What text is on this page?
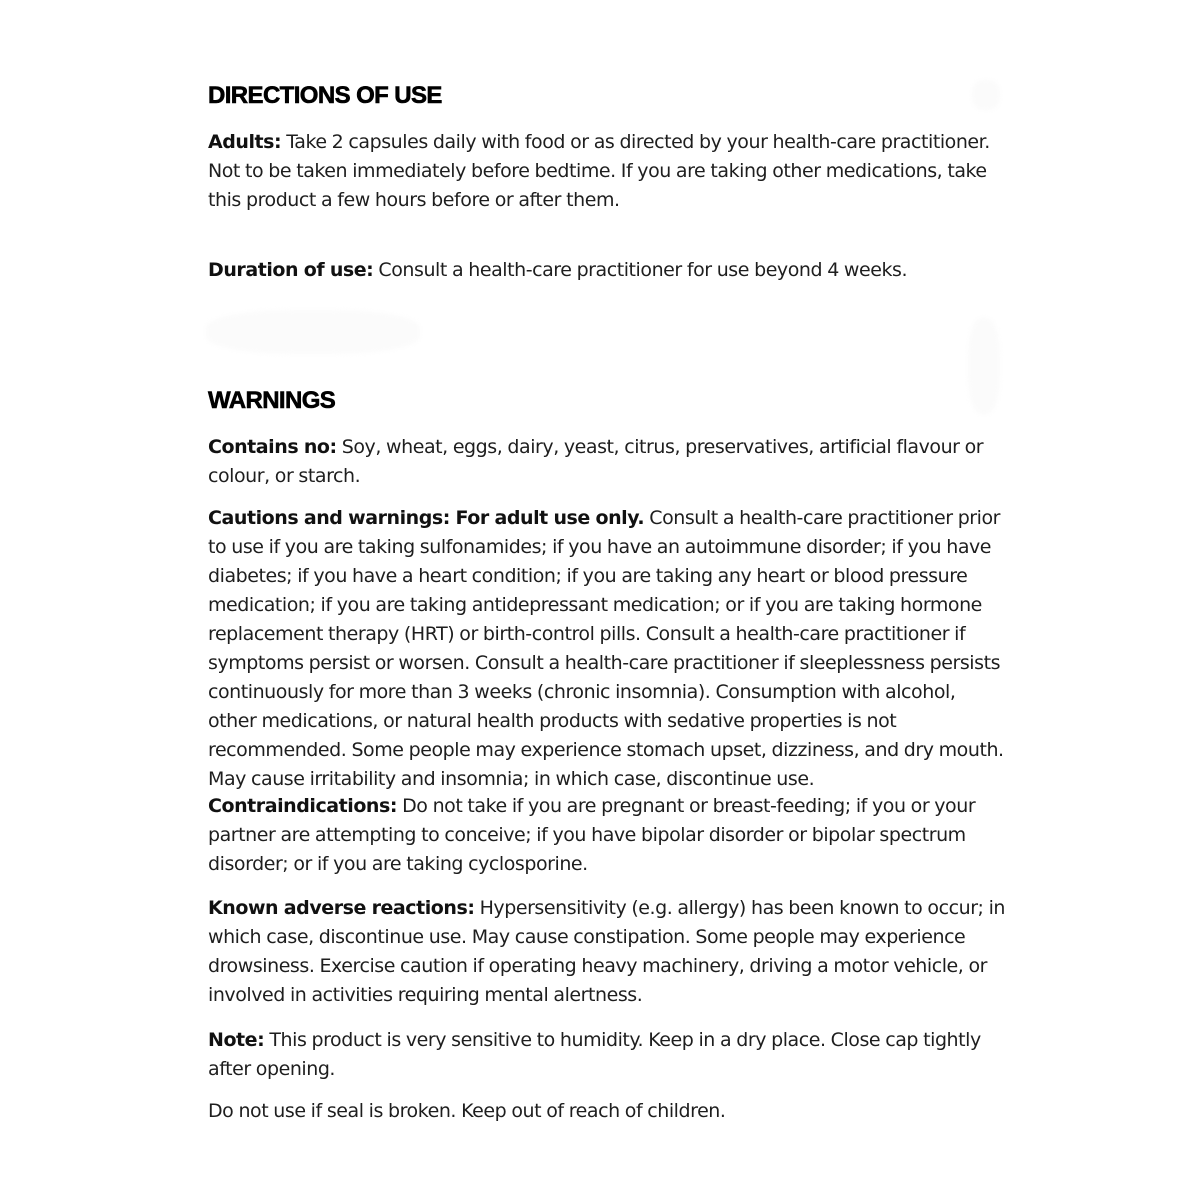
DIRECTIONS OF USE

Adults: Take 2 capsules daily with food or as directed by your health-care practitioner. Not to be taken immediately before bedtime. If you are taking other medications, take this product a few hours before or after them.

Duration of use: Consult a health-care practitioner for use beyond 4 weeks.

WARNINGS

Contains no: Soy, wheat, eggs, dairy, yeast, citrus, preservatives, artificial flavour or colour, or starch.

Cautions and warnings: For adult use only. Consult a health-care practitioner prior to use if you are taking sulfonamides; if you have an autoimmune disorder; if you have diabetes; if you have a heart condition; if you are taking any heart or blood pressure medication; if you are taking antidepressant medication; or if you are taking hormone replacement therapy (HRT) or birth-control pills. Consult a health-care practitioner if symptoms persist or worsen. Consult a health-care practitioner if sleeplessness persists continuously for more than 3 weeks (chronic insomnia). Consumption with alcohol, other medications, or natural health products with sedative properties is not recommended. Some people may experience stomach upset, dizziness, and dry mouth. May cause irritability and insomnia; in which case, discontinue use.

Contraindications: Do not take if you are pregnant or breast-feeding; if you or your partner are attempting to conceive; if you have bipolar disorder or bipolar spectrum disorder; or if you are taking cyclosporine.

Known adverse reactions: Hypersensitivity (e.g. allergy) has been known to occur; in which case, discontinue use. May cause constipation. Some people may experience drowsiness. Exercise caution if operating heavy machinery, driving a motor vehicle, or involved in activities requiring mental alertness.

Note: This product is very sensitive to humidity. Keep in a dry place. Close cap tightly after opening.

Do not use if seal is broken. Keep out of reach of children.
